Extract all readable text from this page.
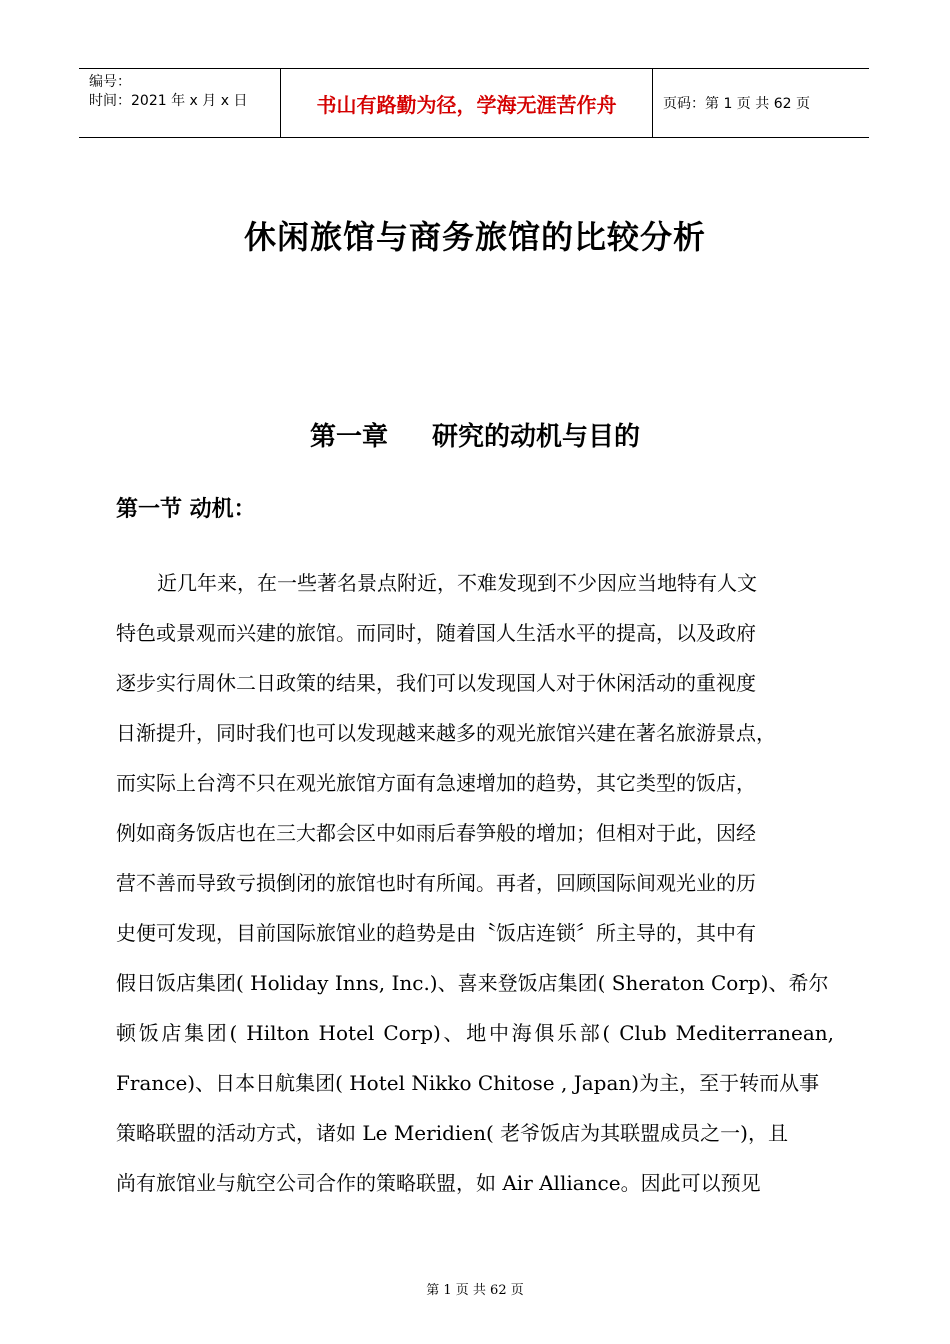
编号：
时间：2021 年 x 月 x 日	书山有路勤为径，学海无涯苦作舟	页码：第 1 页 共 62 页
休闲旅馆与商务旅馆的比较分析
第一章 研究的动机与目的
第一节 动机：
近几年来，在一些著名景点附近，不难发现到不少因应当地特有人文
特色或景观而兴建的旅馆。而同时，随着国人生活水平的提高，以及政府
逐步实行周休二日政策的结果，我们可以发现国人对于休闲活动的重视度
日渐提升，同时我们也可以发现越来越多的观光旅馆兴建在著名旅游景点，
而实际上台湾不只在观光旅馆方面有急速增加的趋势，其它类型的饭店，
例如商务饭店也在三大都会区中如雨后春笋般的增加；但相对于此，因经
营不善而导致亏损倒闭的旅馆也时有所闻。再者，回顾国际间观光业的历
史便可发现，目前国际旅馆业的趋势是由〝饭店连锁〞所主导的，其中有
假日饭店集团( Holiday Inns, Inc.)、喜来登饭店集团( Sheraton Corp)、希尔
顿饭店集团( Hilton Hotel Corp)、地中海俱乐部( Club Mediterranean,
France)、日本日航集团( Hotel Nikko Chitose , Japan)为主，至于转而从事
策略联盟的活动方式，诸如 Le Meridien( 老爷饭店为其联盟成员之一)，且
尚有旅馆业与航空公司合作的策略联盟，如 Air Alliance。因此可以预见
第 1 页 共 62 页
